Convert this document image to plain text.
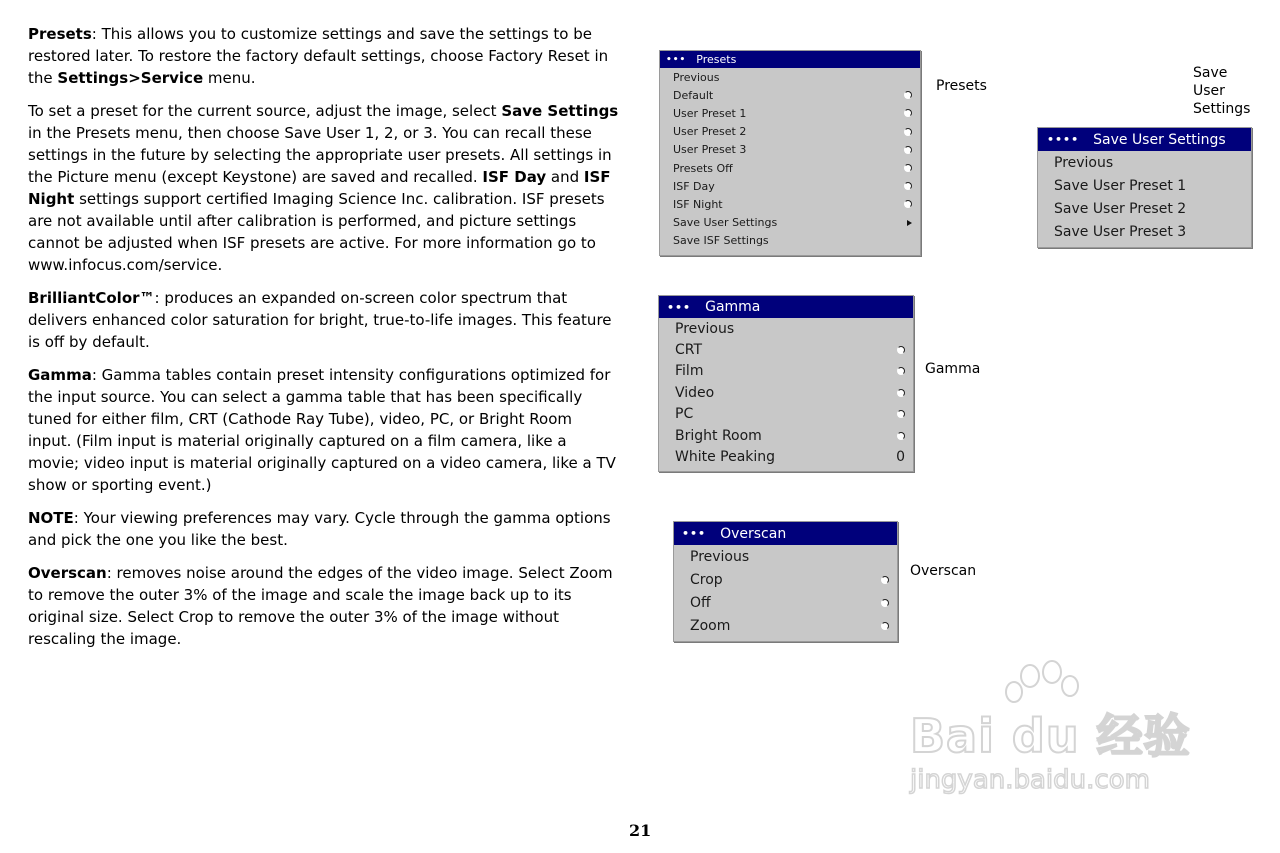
Presets: This allows you to customize settings and save the settings to be restored later. To restore the factory default settings, choose Factory Reset in the Settings>Service menu.

To set a preset for the current source, adjust the image, select Save Settings in the Presets menu, then choose Save User 1, 2, or 3. You can recall these settings in the future by selecting the appropriate user presets. All settings in the Picture menu (except Keystone) are saved and recalled. ISF Day and ISF Night settings support certified Imaging Science Inc. calibration. ISF presets are not available until after calibration is performed, and picture settings cannot be adjusted when ISF presets are active. For more information go to www.infocus.com/service.

BrilliantColor™: produces an expanded on-screen color spectrum that delivers enhanced color saturation for bright, true-to-life images. This feature is off by default.

Gamma: Gamma tables contain preset intensity configurations optimized for the input source. You can select a gamma table that has been specifically tuned for either film, CRT (Cathode Ray Tube), video, PC, or Bright Room input. (Film input is material originally captured on a film camera, like a movie; video input is material originally captured on a video camera, like a TV show or sporting event.)

NOTE: Your viewing preferences may vary. Cycle through the gamma options and pick the one you like the best.

Overscan: removes noise around the edges of the video image. Select Zoom to remove the outer 3% of the image and scale the image back up to its original size. Select Crop to remove the outer 3% of the image without rescaling the image.

••• Presets
Previous
Default
User Preset 1
User Preset 2
User Preset 3
Presets Off
ISF Day
ISF Night
Save User Settings
Save ISF Settings
Presets
Save User Settings
•••• Save User Settings
Previous
Save User Preset 1
Save User Preset 2
Save User Preset 3
••• Gamma
Previous
CRT
Film
Video
PC
Bright Room
White Peaking	0
Gamma
••• Overscan
Previous
Crop
Off
Zoom
Overscan
Bai du 经验
jingyan.baidu.com
21
